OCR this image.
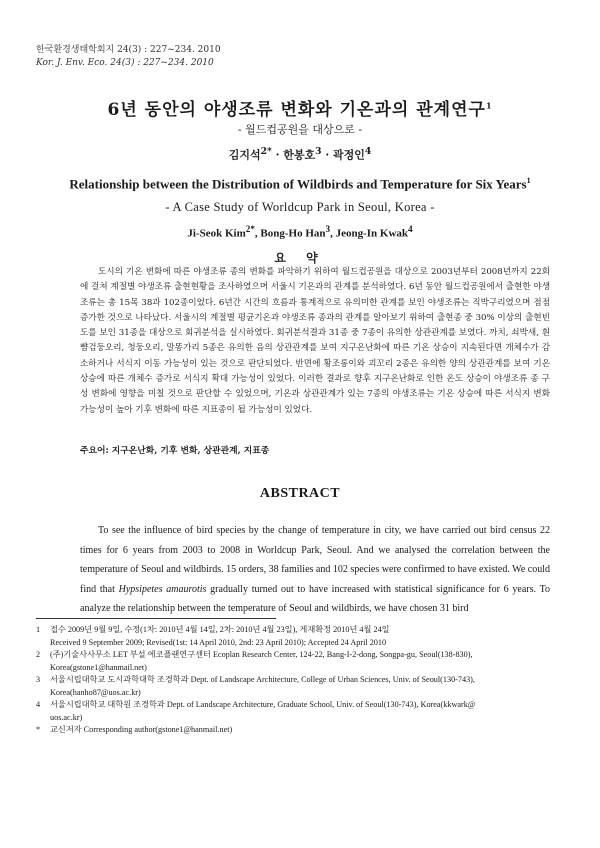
한국환경생태학회지 24(3) : 227~234. 2010
Kor. J. Env. Eco. 24(3) : 227~234. 2010
6년 동안의 야생조류 변화와 기온과의 관계연구$^1$
- 월드컵공원을 대상으로 -
김지석$^{2*}$ · 한봉호$^3$ · 곽정인$^4$
Relationship between the Distribution of Wildbirds and Temperature for Six Years$^1$
- A Case Study of Worldcup Park in Seoul, Korea -
Ji-Seok Kim$^{2*}$, Bong-Ho Han$^3$, Jeong-In Kwak$^4$
요 약
도시의 기온 변화에 따른 야생조류 종의 변화를 파악하기 위하여 월드컵공원을 대상으로 2003년부터 2008년까지 22회에 걸쳐 계절별 야생조류 출현현황을 조사하였으며 서울시 기온과의 관계를 분석하였다. 6년 동안 월드컵공원에서 출현한 야생조류는 총 15목 38과 102종이었다. 6년간 시간의 흐름과 통계적으로 유의미한 관계를 보인 야생조류는 직박구리였으며 점점 증가한 것으로 나타났다. 서울시의 계절별 평균기온과 야생조류 종과의 관계를 알아보기 위하여 출현종 중 30% 이상의 출현빈도를 보인 31종을 대상으로 회귀분석을 실시하였다. 회귀분석결과 31종 중 7종이 유의한 상관관계를 보였다. 까치, 쇠박새, 흰뺨검둥오리, 청둥오리, 말똥가리 5종은 유의한 음의 상관관계를 보여 지구온난화에 따른 기온 상승이 지속된다면 개체수가 감소하거나 서식지 이동 가능성이 있는 것으로 판단되었다. 반면에 황조롱이와 괴꼬리 2종은 유의한 양의 상관관계를 보여 기온 상승에 따른 개체수 증가로 서식지 확대 가능성이 있었다. 이러한 결과로 향후 지구온난화로 인한 온도 상승이 야생조류 종 구성 변화에 영향을 미칠 것으로 판단할 수 있었으며, 기온과 상관관계가 있는 7종의 야생조류는 기온 상승에 따른 서식지 변화 가능성이 높아 기후 변화에 따른 지표종이 될 가능성이 있었다.
주요어: 지구온난화, 기후 변화, 상관관계, 지표종
ABSTRACT
To see the influence of bird species by the change of temperature in city, we have carried out bird census 22 times for 6 years from 2003 to 2008 in Worldcup Park, Seoul. And we analysed the correlation between the temperature of Seoul and wildbirds. 15 orders, 38 families and 102 species were confirmed to have existed. We could find that Hypsipetes amaurotis gradually turned out to have increased with statistical significance for 6 years. To analyze the relationship between the temperature of Seoul and wildbirds, we have chosen 31 bird
1	접수 2009년 9월 9일, 수정(1차: 2010년 4월 14일, 2차: 2010년 4월 23일), 게재확정 2010년 4월 24일
Received 9 September 2009; Revised(1st: 14 April 2010, 2nd: 23 April 2010); Accepted 24 April 2010
2	(주)기술사사무소 LET 부설 에코플랜연구센터 Ecoplan Research Center, 124-22, Bang-I-2-dong, Songpa-gu, Seoul(138-830),
Korea(gstone1@hanmail.net)
3	서울시립대학교 도시과학대학 조경학과 Dept. of Landscape Architecture, College of Urban Sciences, Univ. of Seoul(130-743),
Korea(hanho87@uos.ac.kr)
4	서울시립대학교 대학원 조경학과 Dept. of Landscape Architecture, Graduate School, Univ. of Seoul(130-743), Korea(kkwark@
uos.ac.kr)
*	교신저자 Corresponding author(gstone1@hanmail.net)
